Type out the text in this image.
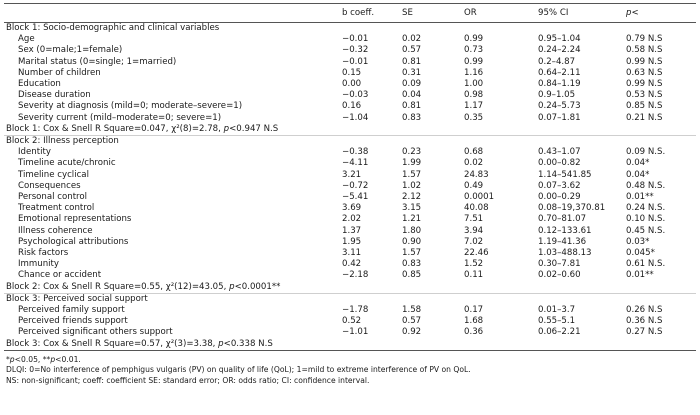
	b coeff.	SE	OR	95% CI	p<
Block 1: Socio-demographic and clinical variables					
Age	−0.01	0.02	0.99	0.95–1.04	0.79 N.S
Sex (0=male;1=female)	−0.32	0.57	0.73	0.24–2.24	0.58 N.S
Marital status (0=single; 1=married)	−0.01	0.81	0.99	0.2–4.87	0.99 N.S
Number of children	0.15	0.31	1.16	0.64–2.11	0.63 N.S
Education	0.00	0.09	1.00	0.84–1.19	0.99 N.S
Disease duration	−0.03	0.04	0.98	0.9–1.05	0.53 N.S
Severity at diagnosis (mild=0; moderate–severe=1)	0.16	0.81	1.17	0.24–5.73	0.85 N.S
Severity current (mild–moderate=0; severe=1)	−1.04	0.83	0.35	0.07–1.81	0.21 N.S
Block 1: Cox & Snell R Square=0.047, χ²(8)=2.78, p<0.947 N.S					
Block 2: Illness perception					
Identity	−0.38	0.23	0.68	0.43–1.07	0.09 N.S.
Timeline acute/chronic	−4.11	1.99	0.02	0.00–0.82	0.04*
Timeline cyclical	3.21	1.57	24.83	1.14–541.85	0.04*
Consequences	−0.72	1.02	0.49	0.07–3.62	0.48 N.S.
Personal control	−5.41	2.12	0.0001	0.00–0.29	0.01**
Treatment control	3.69	3.15	40.08	0.08–19,370.81	0.24 N.S.
Emotional representations	2.02	1.21	7.51	0.70–81.07	0.10 N.S.
Illness coherence	1.37	1.80	3.94	0.12–133.61	0.45 N.S.
Psychological attributions	1.95	0.90	7.02	1.19–41.36	0.03*
Risk factors	3.11	1.57	22.46	1.03–488.13	0.045*
Immunity	0.42	0.83	1.52	0.30–7.81	0.61 N.S.
Chance or accident	−2.18	0.85	0.11	0.02–0.60	0.01**
Block 2: Cox & Snell R Square=0.55, χ²(12)=43.05, p<0.0001**					
Block 3: Perceived social support					
Perceived family support	−1.78	1.58	0.17	0.01–3.7	0.26 N.S
Perceived friends support	0.52	0.57	1.68	0.55–5.1	0.36 N.S
Perceived significant others support	−1.01	0.92	0.36	0.06–2.21	0.27 N.S
Block 3: Cox & Snell R Square=0.57, χ²(3)=3.38, p<0.338 N.S					
*p<0.05, **p<0.01.
DLQI: 0=No interference of pemphigus vulgaris (PV) on quality of life (QoL); 1=mild to extreme interference of PV on QoL.
NS: non-significant; coeff: coefficient SE: standard error; OR: odds ratio; CI: confidence interval.
